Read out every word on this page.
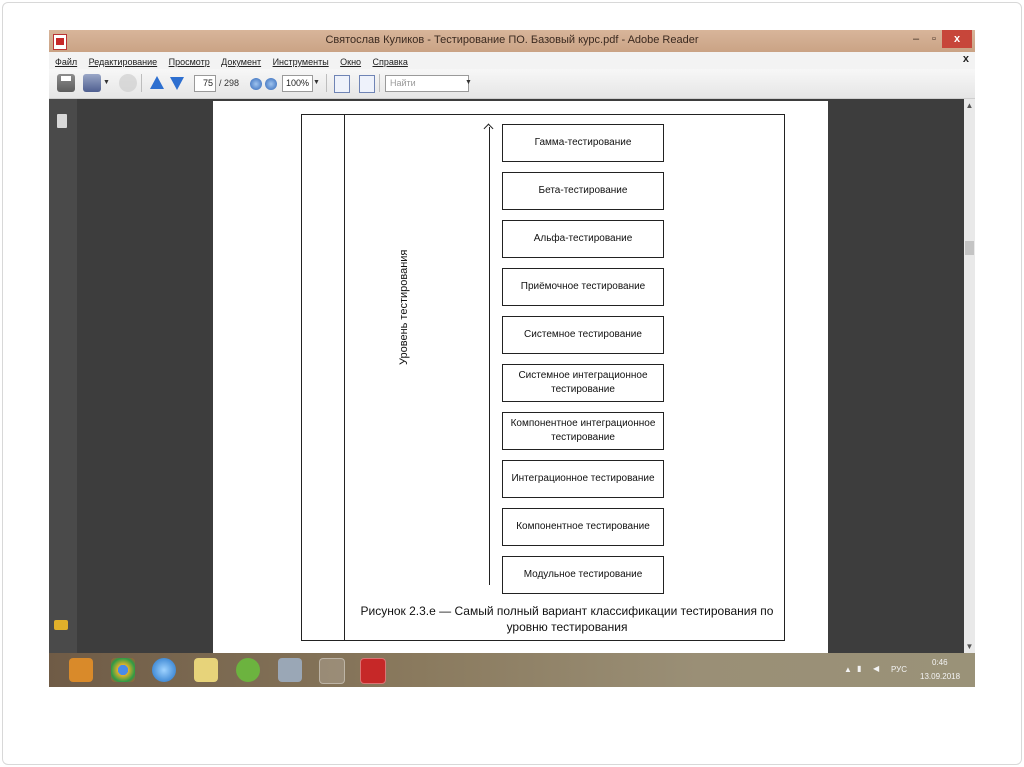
Святослав Куликов - Тестирование ПО. Базовый курс.pdf - Adobe Reader	–	▫	x
Файл Редактирование Просмотр Документ Инструменты Окно Справка	x
▼	75 / 298	100% ▼	Найти	▼
Уровень тестирования
Гамма-тестирование
Бета-тестирование
Альфа-тестирование
Приёмочное тестирование
Системное тестирование
Системное интеграционное тестирование
Компонентное интеграционное тестирование
Интеграционное тестирование
Компонентное тестирование
Модульное тестирование
Рисунок 2.3.e — Самый полный вариант классификации тестирования по уровню тестирования
▲
▼
▲ ▮ ◀ РУС
0:46
13.09.2018
